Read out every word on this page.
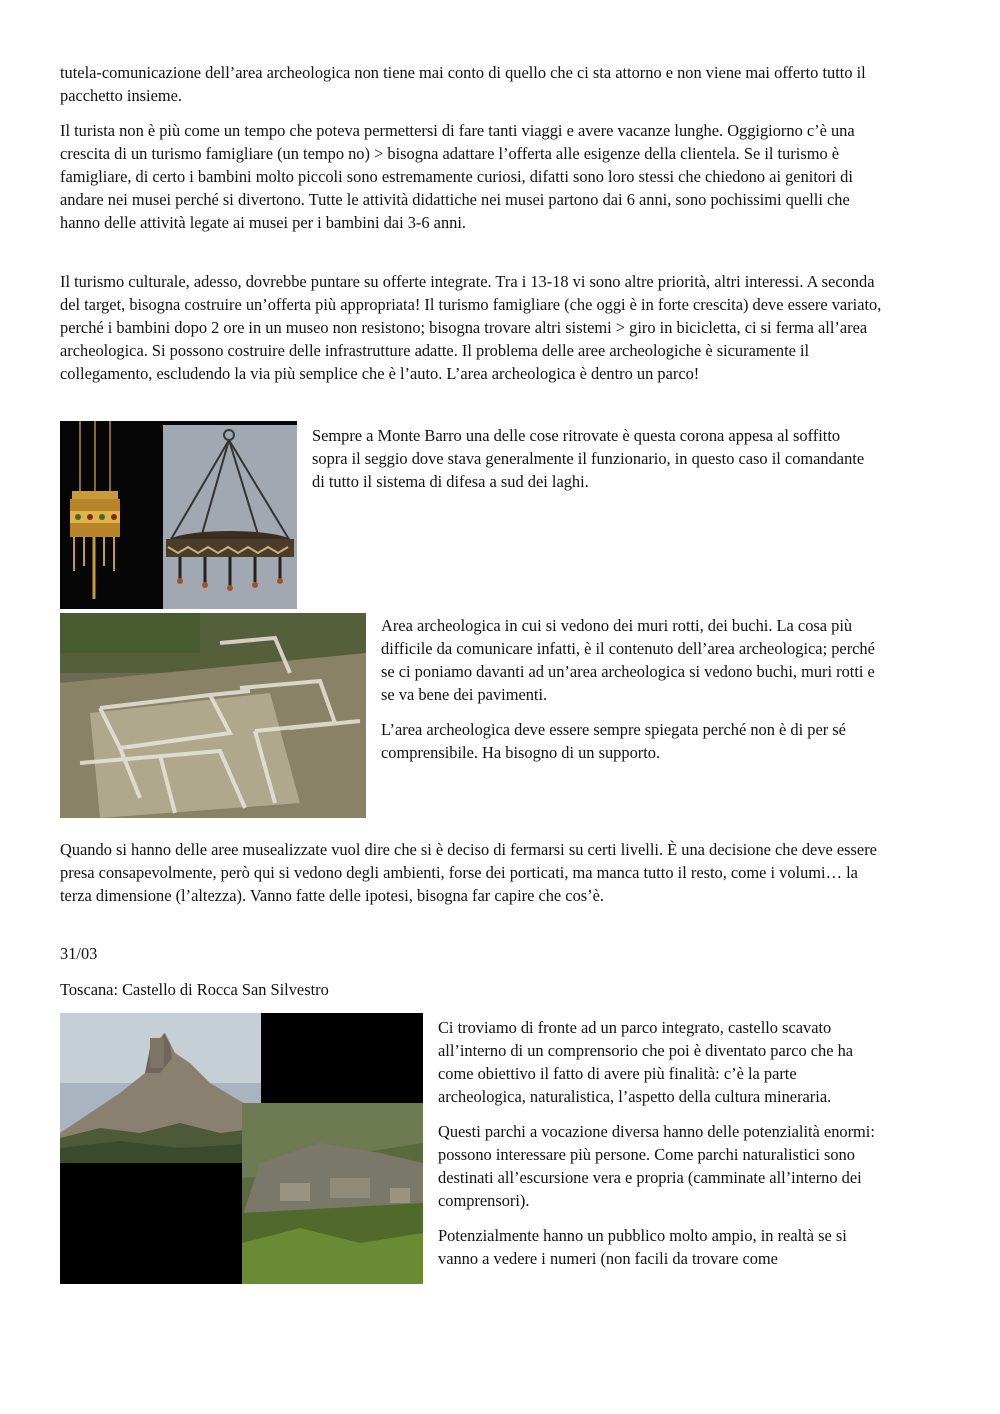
tutela-comunicazione dell’area archeologica non tiene mai conto di quello che ci sta attorno e non viene mai offerto tutto il pacchetto insieme.

Il turista non è più come un tempo che poteva permettersi di fare tanti viaggi e avere vacanze lunghe. Oggigiorno c’è una crescita di un turismo famigliare (un tempo no) > bisogna adattare l’offerta alle esigenze della clientela. Se il turismo è famigliare, di certo i bambini molto piccoli sono estremamente curiosi, difatti sono loro stessi che chiedono ai genitori di andare nei musei perché si divertono. Tutte le attività didattiche nei musei partono dai 6 anni, sono pochissimi quelli che hanno delle attività legate ai musei per i bambini dai 3-6 anni.

Il turismo culturale, adesso, dovrebbe puntare su offerte integrate. Tra i 13-18 vi sono altre priorità, altri interessi. A seconda del target, bisogna costruire un’offerta più appropriata! Il turismo famigliare (che oggi è in forte crescita) deve essere variato, perché i bambini dopo 2 ore in un museo non resistono; bisogna trovare altri sistemi > giro in bicicletta, ci si ferma all’area archeologica. Si possono costruire delle infrastrutture adatte. Il problema delle aree archeologiche è sicuramente il collegamento, escludendo la via più semplice che è l’auto. L’area archeologica è dentro un parco!

Sempre a Monte Barro una delle cose ritrovate è questa corona appesa al soffitto sopra il seggio dove stava generalmente il funzionario, in questo caso il comandante di tutto il sistema di difesa a sud dei laghi.

Area archeologica in cui si vedono dei muri rotti, dei buchi. La cosa più difficile da comunicare infatti, è il contenuto dell’area archeologica; perché se ci poniamo davanti ad un’area archeologica si vedono buchi, muri rotti e se va bene dei pavimenti.

L’area archeologica deve essere sempre spiegata perché non è di per sé comprensibile. Ha bisogno di un supporto.

Quando si hanno delle aree musealizzate vuol dire che si è deciso di fermarsi su certi livelli. È una decisione che deve essere presa consapevolmente, però qui si vedono degli ambienti, forse dei porticati, ma manca tutto il resto, come i volumi… la terza dimensione (l’altezza). Vanno fatte delle ipotesi, bisogna far capire che cos’è.

31/03

Toscana: Castello di Rocca San Silvestro

Ci troviamo di fronte ad un parco integrato, castello scavato all’interno di un comprensorio che poi è diventato parco che ha come obiettivo il fatto di avere più finalità: c’è la parte archeologica, naturalistica, l’aspetto della cultura mineraria.

Questi parchi a vocazione diversa hanno delle potenzialità enormi: possono interessare più persone. Come parchi naturalistici sono destinati all’escursione vera e propria (camminate all’interno dei comprensori).

Potenzialmente hanno un pubblico molto ampio, in realtà se si vanno a vedere i numeri (non facili da trovare come
